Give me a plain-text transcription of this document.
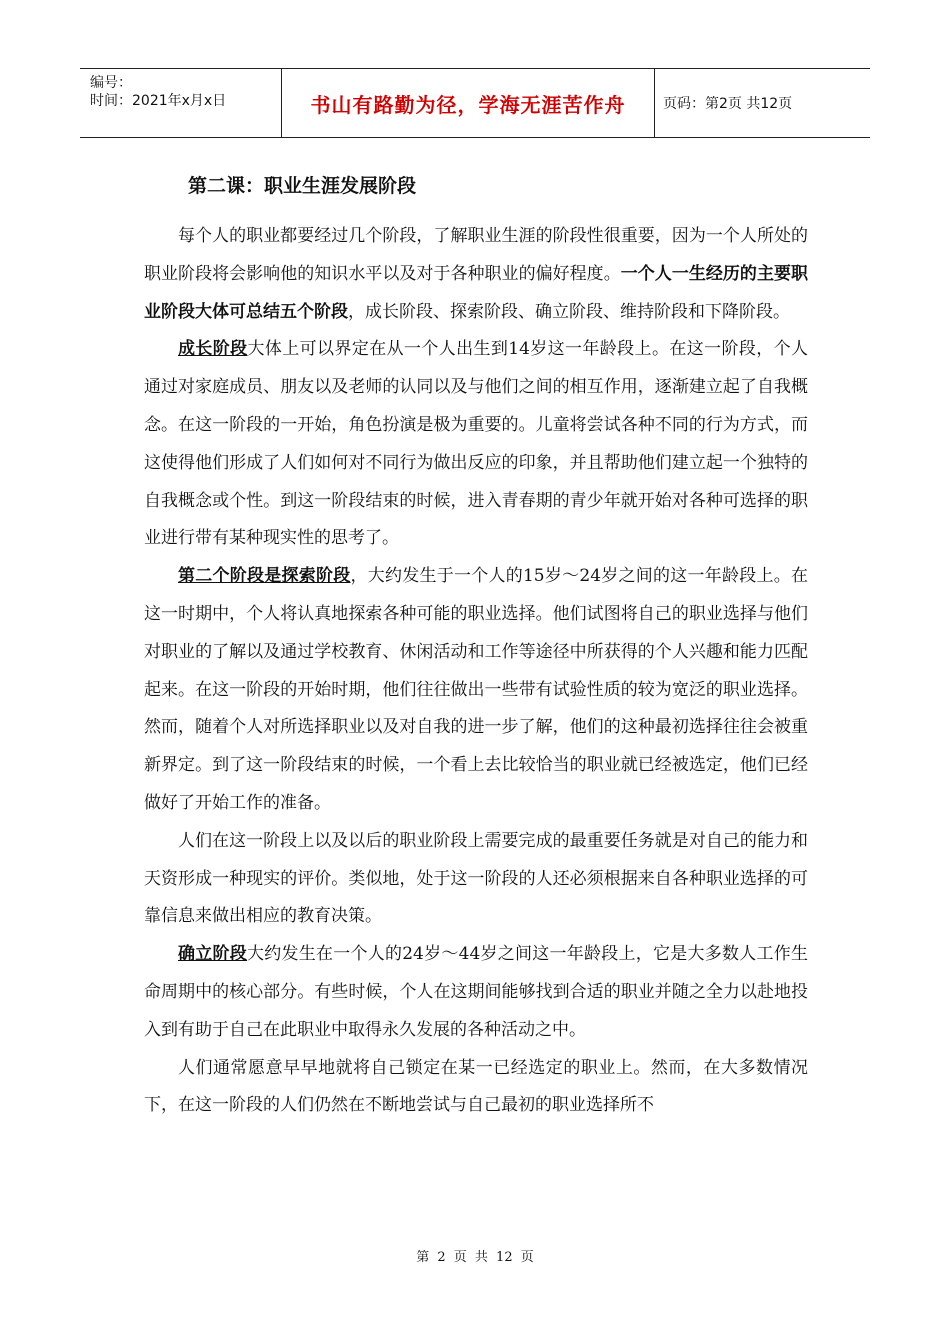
编号：
时间：2021年x月x日	书山有路勤为径，学海无涯苦作舟	页码：第2页 共12页
第二课：职业生涯发展阶段

每个人的职业都要经过几个阶段，了解职业生涯的阶段性很重要，因为一个人所处的职业阶段将会影响他的知识水平以及对于各种职业的偏好程度。一个人一生经历的主要职业阶段大体可总结五个阶段，成长阶段、探索阶段、确立阶段、维持阶段和下降阶段。

成长阶段大体上可以界定在从一个人出生到14岁这一年龄段上。在这一阶段，个人通过对家庭成员、朋友以及老师的认同以及与他们之间的相互作用，逐渐建立起了自我概念。在这一阶段的一开始，角色扮演是极为重要的。儿童将尝试各种不同的行为方式，而这使得他们形成了人们如何对不同行为做出反应的印象，并且帮助他们建立起一个独特的自我概念或个性。到这一阶段结束的时候，进入青春期的青少年就开始对各种可选择的职业进行带有某种现实性的思考了。

第二个阶段是探索阶段，大约发生于一个人的15岁～24岁之间的这一年龄段上。在这一时期中，个人将认真地探索各种可能的职业选择。他们试图将自己的职业选择与他们对职业的了解以及通过学校教育、休闲活动和工作等途径中所获得的个人兴趣和能力匹配起来。在这一阶段的开始时期，他们往往做出一些带有试验性质的较为宽泛的职业选择。然而，随着个人对所选择职业以及对自我的进一步了解，他们的这种最初选择往往会被重新界定。到了这一阶段结束的时候，一个看上去比较恰当的职业就已经被选定，他们已经做好了开始工作的准备。

人们在这一阶段上以及以后的职业阶段上需要完成的最重要任务就是对自己的能力和天资形成一种现实的评价。类似地，处于这一阶段的人还必须根据来自各种职业选择的可靠信息来做出相应的教育决策。

确立阶段大约发生在一个人的24岁～44岁之间这一年龄段上，它是大多数人工作生命周期中的核心部分。有些时候，个人在这期间能够找到合适的职业并随之全力以赴地投入到有助于自己在此职业中取得永久发展的各种活动之中。

人们通常愿意早早地就将自己锁定在某一已经选定的职业上。然而，在大多数情况下，在这一阶段的人们仍然在不断地尝试与自己最初的职业选择所不

第 2 页 共 12 页
